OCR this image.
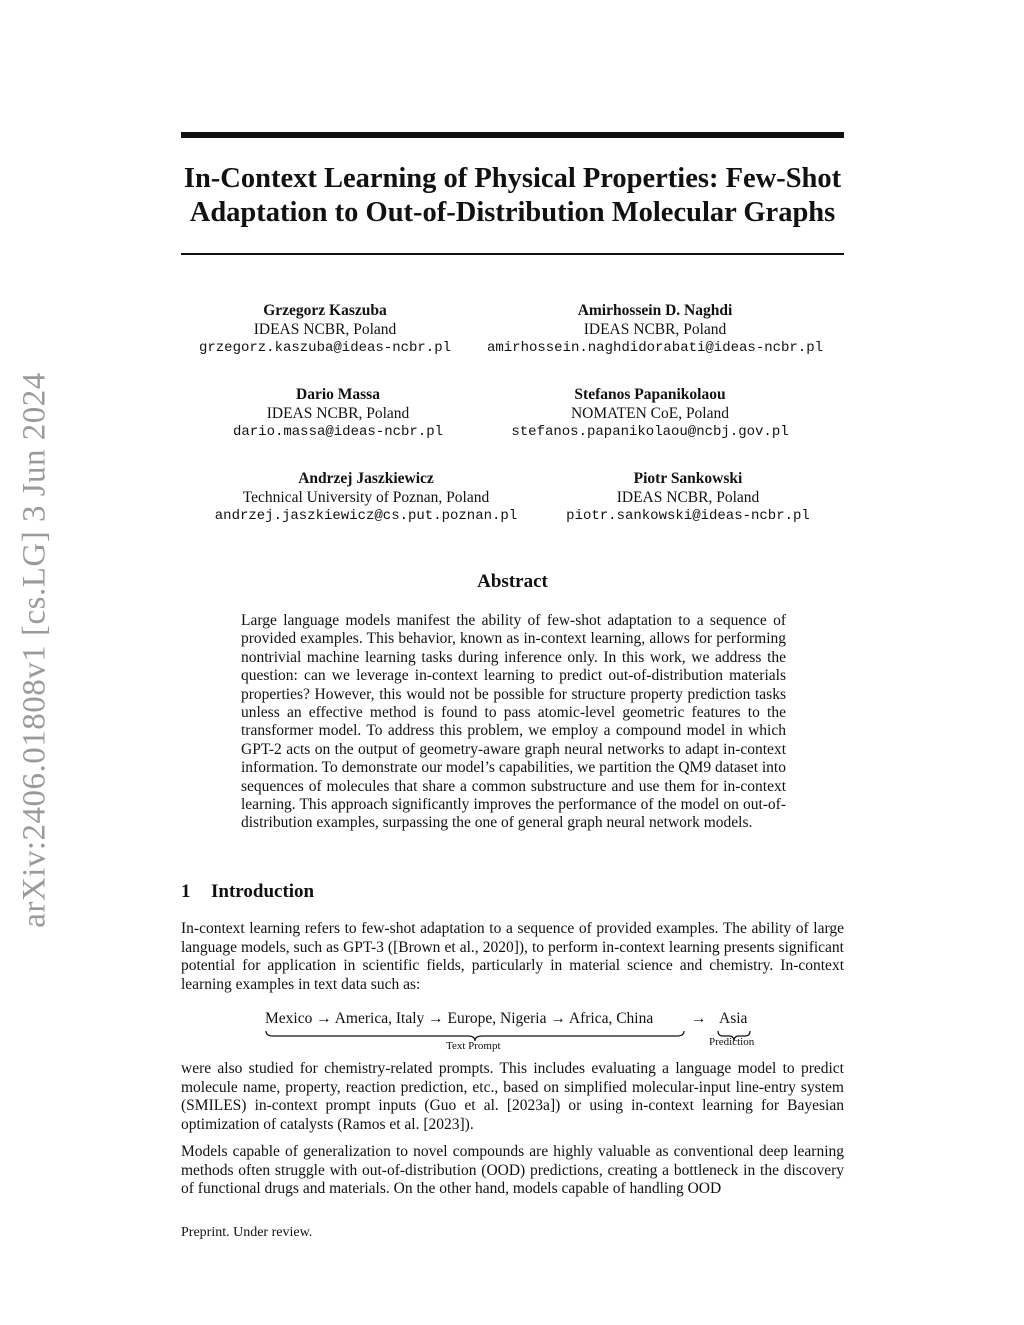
arXiv:2406.01808v1 [cs.LG] 3 Jun 2024
In-Context Learning of Physical Properties: Few-Shot Adaptation to Out-of-Distribution Molecular Graphs
Grzegorz Kaszuba
IDEAS NCBR, Poland
grzegorz.kaszuba@ideas-ncbr.pl
Amirhossein D. Naghdi
IDEAS NCBR, Poland
amirhossein.naghdidorabati@ideas-ncbr.pl
Dario Massa
IDEAS NCBR, Poland
dario.massa@ideas-ncbr.pl
Stefanos Papanikolaou
NOMATEN CoE, Poland
stefanos.papanikolaou@ncbj.gov.pl
Andrzej Jaszkiewicz
Technical University of Poznan, Poland
andrzej.jaszkiewicz@cs.put.poznan.pl
Piotr Sankowski
IDEAS NCBR, Poland
piotr.sankowski@ideas-ncbr.pl
Abstract

Large language models manifest the ability of few-shot adaptation to a sequence of provided examples. This behavior, known as in-context learning, allows for performing nontrivial machine learning tasks during inference only. In this work, we address the question: can we leverage in-context learning to predict out-of-distribution materials properties? However, this would not be possible for structure property prediction tasks unless an effective method is found to pass atomic-level geometric features to the transformer model. To address this problem, we employ a compound model in which GPT-2 acts on the output of geometry-aware graph neural networks to adapt in-context information. To demonstrate our model’s capabilities, we partition the QM9 dataset into sequences of molecules that share a common substructure and use them for in-context learning. This approach significantly improves the performance of the model on out-of-distribution examples, surpassing the one of general graph neural network models.

1 Introduction

In-context learning refers to few-shot adaptation to a sequence of provided examples. The ability of large language models, such as GPT-3 ([Brown et al., 2020]), to perform in-context learning presents significant potential for application in scientific fields, particularly in material science and chemistry. In-context learning examples in text data such as:

Mexico → America, Italy → Europe, Nigeria → Africa, China → Asia
Text Prompt	Prediction

were also studied for chemistry-related prompts. This includes evaluating a language model to predict molecule name, property, reaction prediction, etc., based on simplified molecular-input line-entry system (SMILES) in-context prompt inputs (Guo et al. [2023a]) or using in-context learning for Bayesian optimization of catalysts (Ramos et al. [2023]).

Models capable of generalization to novel compounds are highly valuable as conventional deep learning methods often struggle with out-of-distribution (OOD) predictions, creating a bottleneck in the discovery of functional drugs and materials. On the other hand, models capable of handling OOD

Preprint. Under review.
